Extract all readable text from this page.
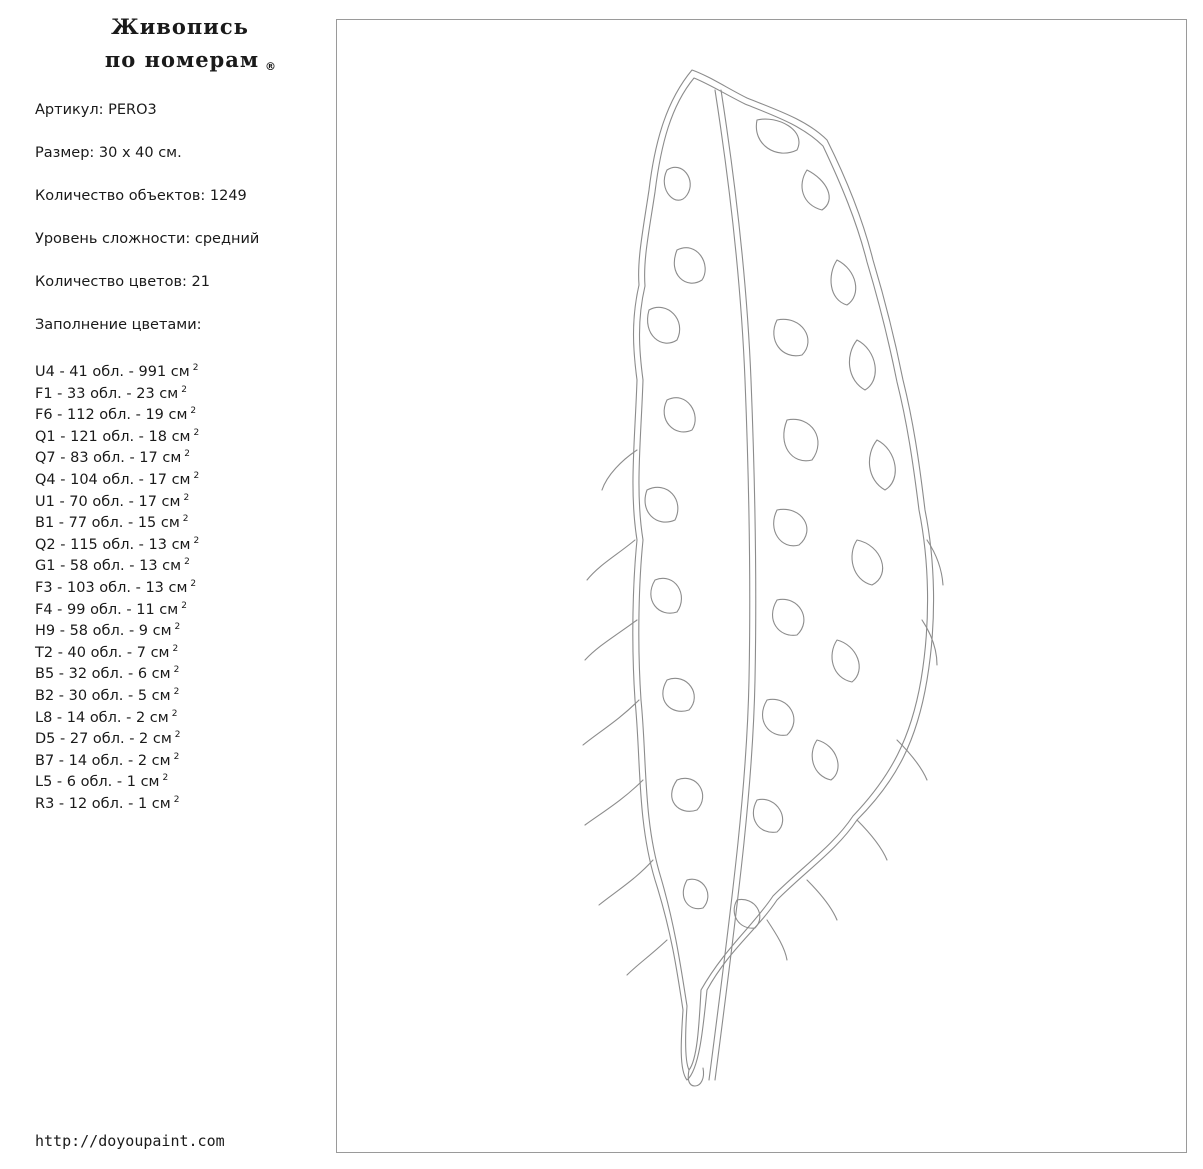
Живопись
по номерам ®
Артикул: PERO3
Размер: 30 х 40 см.
Количество объектов: 1249
Уровень сложности: средний
Количество цветов: 21
Заполнение цветами:
U4 - 41 обл. - 991 см $^2$
F1 - 33 обл. - 23 см $^2$
F6 - 112 обл. - 19 см $^2$
Q1 - 121 обл. - 18 см $^2$
Q7 - 83 обл. - 17 см $^2$
Q4 - 104 обл. - 17 см $^2$
U1 - 70 обл. - 17 см $^2$
B1 - 77 обл. - 15 см $^2$
Q2 - 115 обл. - 13 см $^2$
G1 - 58 обл. - 13 см $^2$
F3 - 103 обл. - 13 см $^2$
F4 - 99 обл. - 11 см $^2$
H9 - 58 обл. - 9 см $^2$
T2 - 40 обл. - 7 см $^2$
B5 - 32 обл. - 6 см $^2$
B2 - 30 обл. - 5 см $^2$
L8 - 14 обл. - 2 см $^2$
D5 - 27 обл. - 2 см $^2$
B7 - 14 обл. - 2 см $^2$
L5 - 6 обл. - 1 см $^2$
R3 - 12 обл. - 1 см $^2$
http://doyoupaint.com
